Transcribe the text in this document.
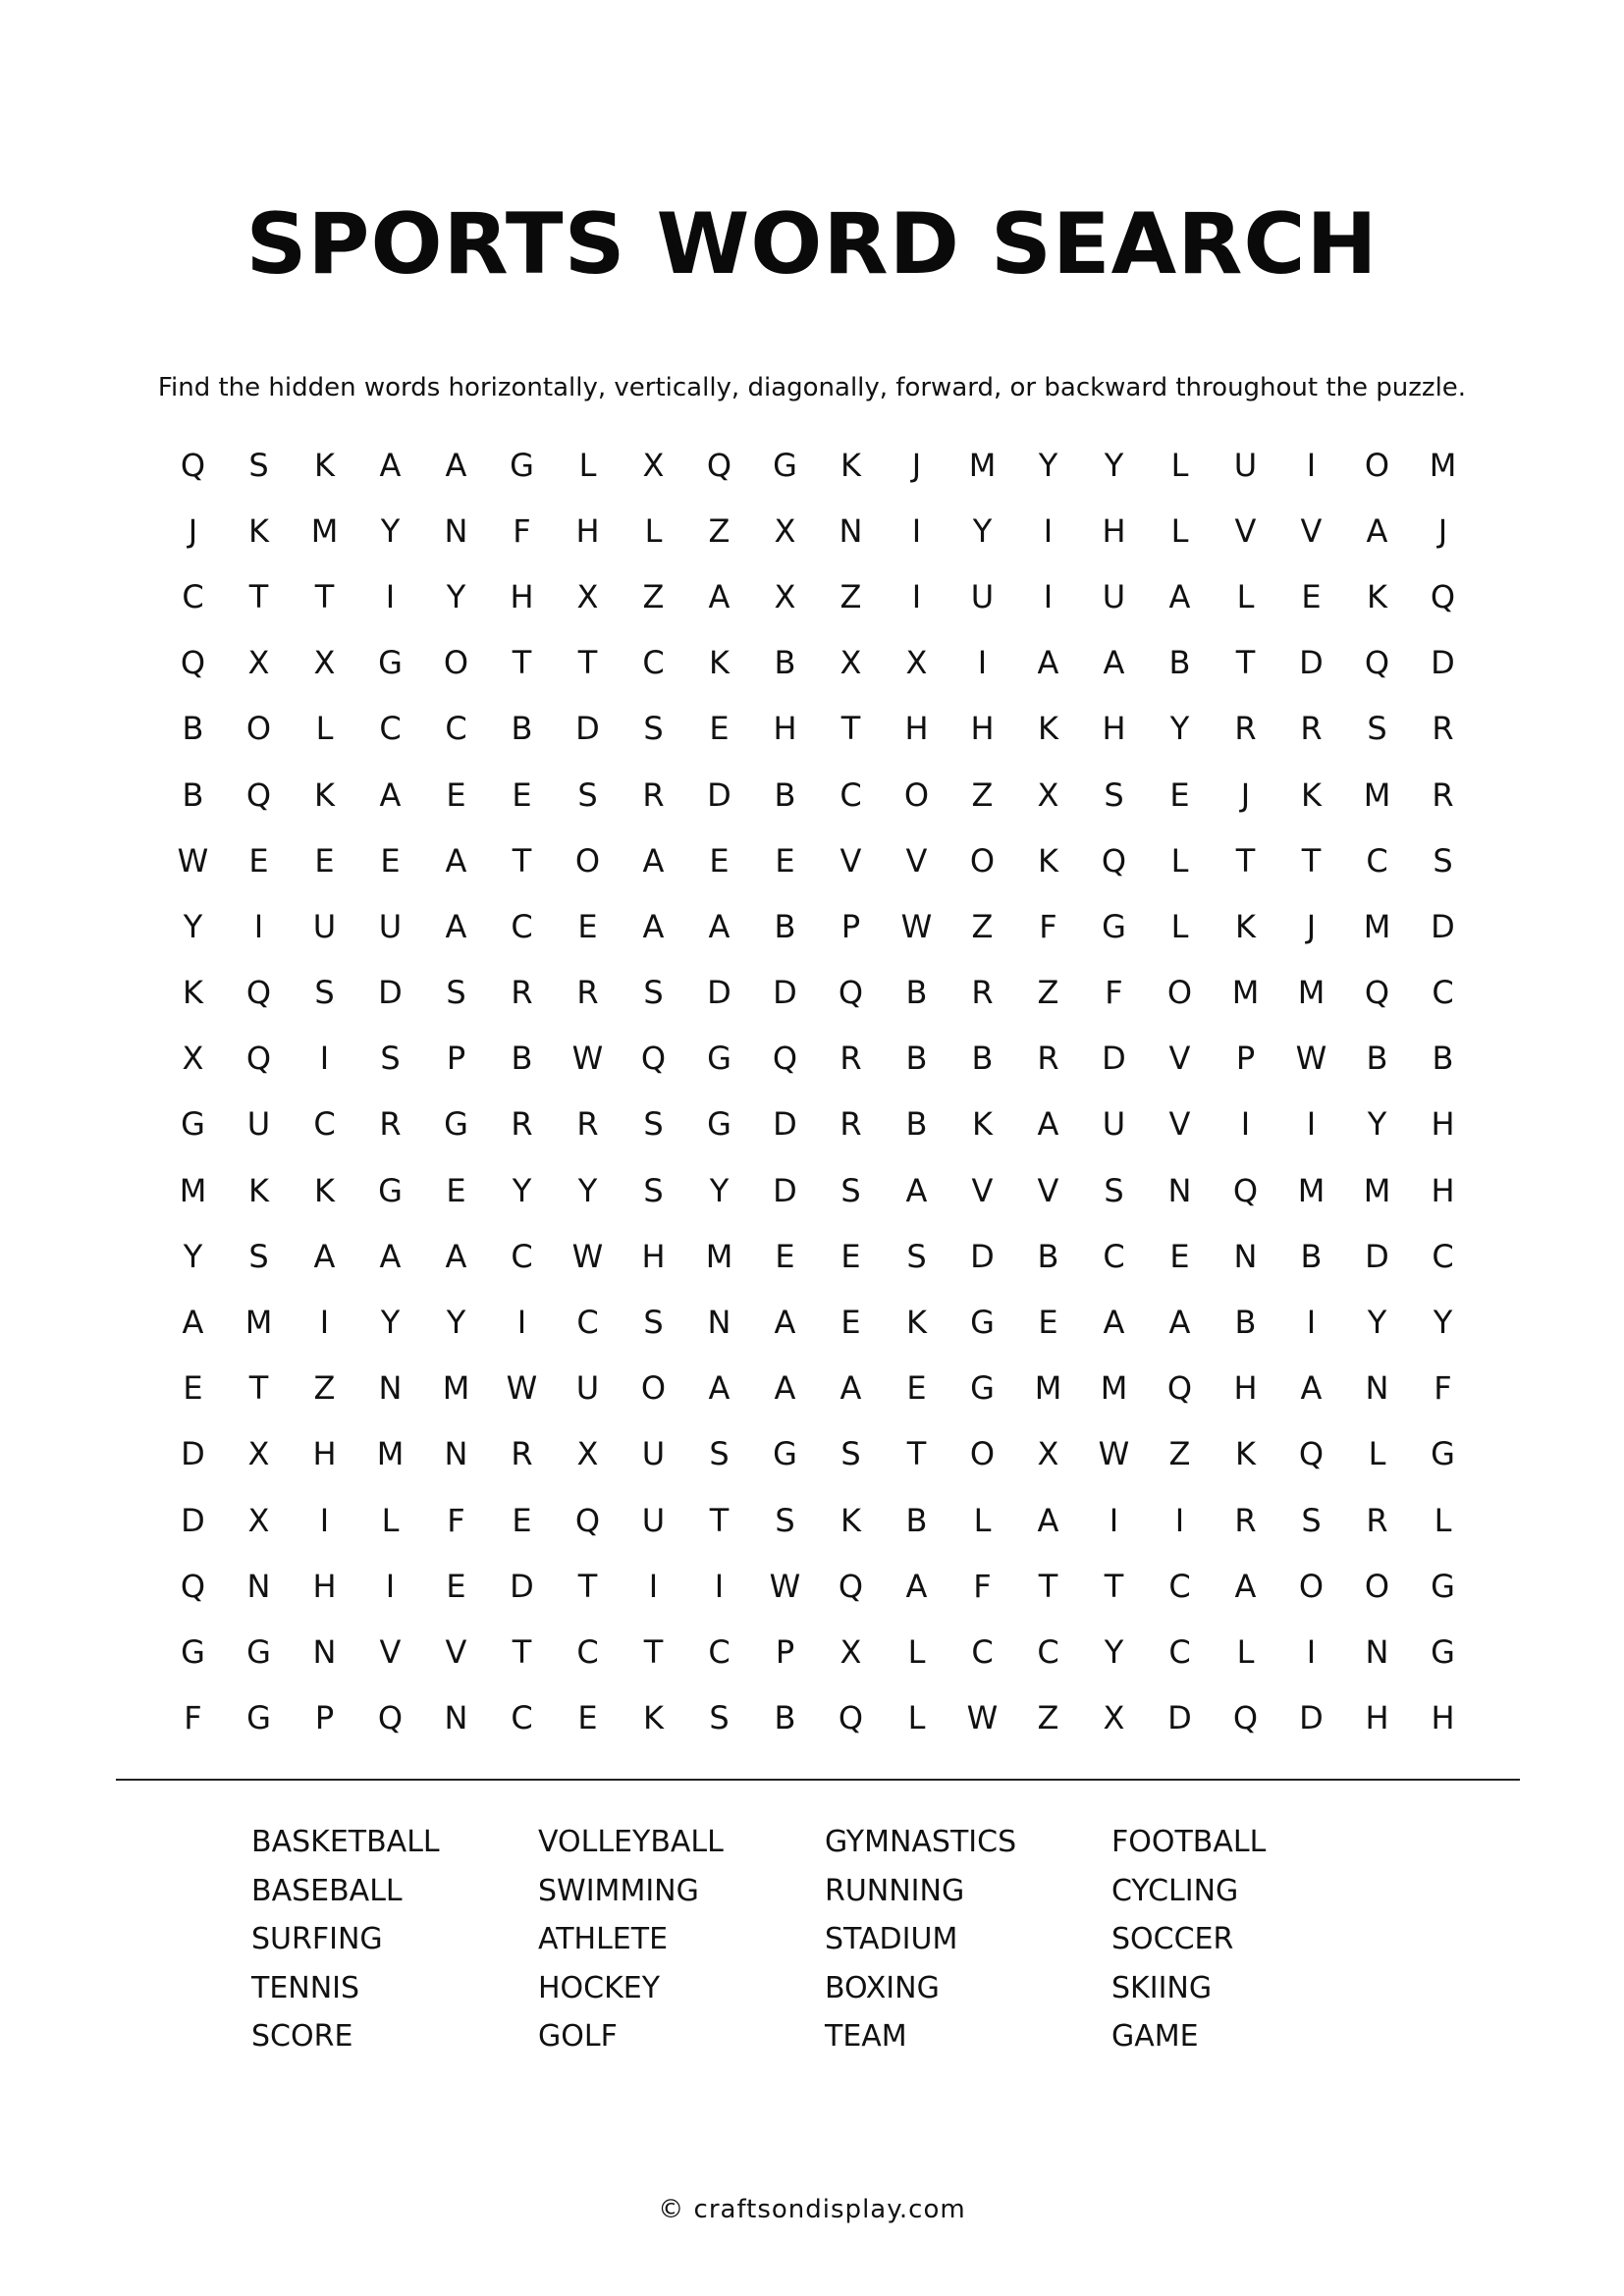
SPORTS WORD SEARCH

Find the hidden words horizontally, vertically, diagonally, forward, or backward throughout the puzzle.

Q	S	K	A	A	G	L	X	Q	G	K	J	M	Y	Y	L	U	I	O	M
J	K	M	Y	N	F	H	L	Z	X	N	I	Y	I	H	L	V	V	A	J
C	T	T	I	Y	H	X	Z	A	X	Z	I	U	I	U	A	L	E	K	Q
Q	X	X	G	O	T	T	C	K	B	X	X	I	A	A	B	T	D	Q	D
B	O	L	C	C	B	D	S	E	H	T	H	H	K	H	Y	R	R	S	R
B	Q	K	A	E	E	S	R	D	B	C	O	Z	X	S	E	J	K	M	R
W	E	E	E	A	T	O	A	E	E	V	V	O	K	Q	L	T	T	C	S
Y	I	U	U	A	C	E	A	A	B	P	W	Z	F	G	L	K	J	M	D
K	Q	S	D	S	R	R	S	D	D	Q	B	R	Z	F	O	M	M	Q	C
X	Q	I	S	P	B	W	Q	G	Q	R	B	B	R	D	V	P	W	B	B
G	U	C	R	G	R	R	S	G	D	R	B	K	A	U	V	I	I	Y	H
M	K	K	G	E	Y	Y	S	Y	D	S	A	V	V	S	N	Q	M	M	H
Y	S	A	A	A	C	W	H	M	E	E	S	D	B	C	E	N	B	D	C
A	M	I	Y	Y	I	C	S	N	A	E	K	G	E	A	A	B	I	Y	Y
E	T	Z	N	M	W	U	O	A	A	A	E	G	M	M	Q	H	A	N	F
D	X	H	M	N	R	X	U	S	G	S	T	O	X	W	Z	K	Q	L	G
D	X	I	L	F	E	Q	U	T	S	K	B	L	A	I	I	R	S	R	L
Q	N	H	I	E	D	T	I	I	W	Q	A	F	T	T	C	A	O	O	G
G	G	N	V	V	T	C	T	C	P	X	L	C	C	Y	C	L	I	N	G
F	G	P	Q	N	C	E	K	S	B	Q	L	W	Z	X	D	Q	D	H	H
BASKETBALL	VOLLEYBALL	GYMNASTICS	FOOTBALL
BASEBALL	SWIMMING	RUNNING	CYCLING
SURFING	ATHLETE	STADIUM	SOCCER
TENNIS	HOCKEY	BOXING	SKIING
SCORE	GOLF	TEAM	GAME
© craftsondisplay.com
